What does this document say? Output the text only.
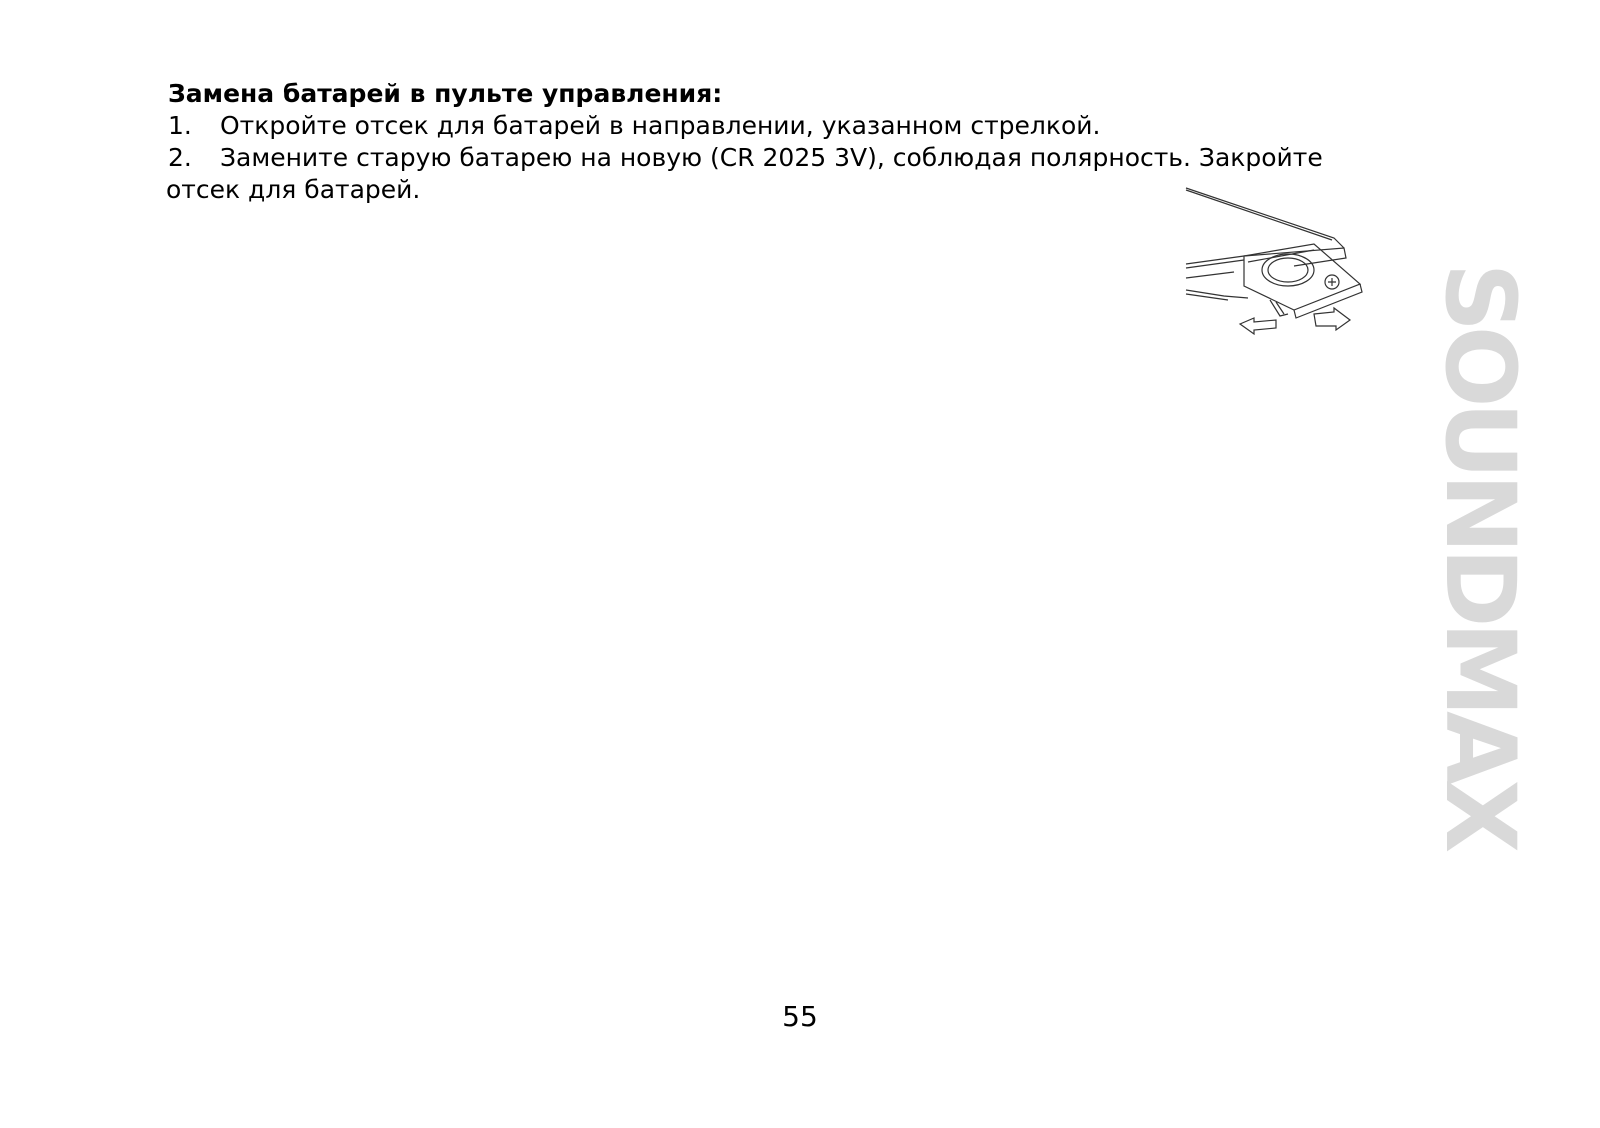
Замена батарей в пульте управления:

1. Откройте отсек для батарей в направлении, указанном стрелкой.
2. Замените старую батарею на новую (CR 2025 3V), соблюдая полярность. Закройте
отсек для батарей.
SOUNDMAX
55
